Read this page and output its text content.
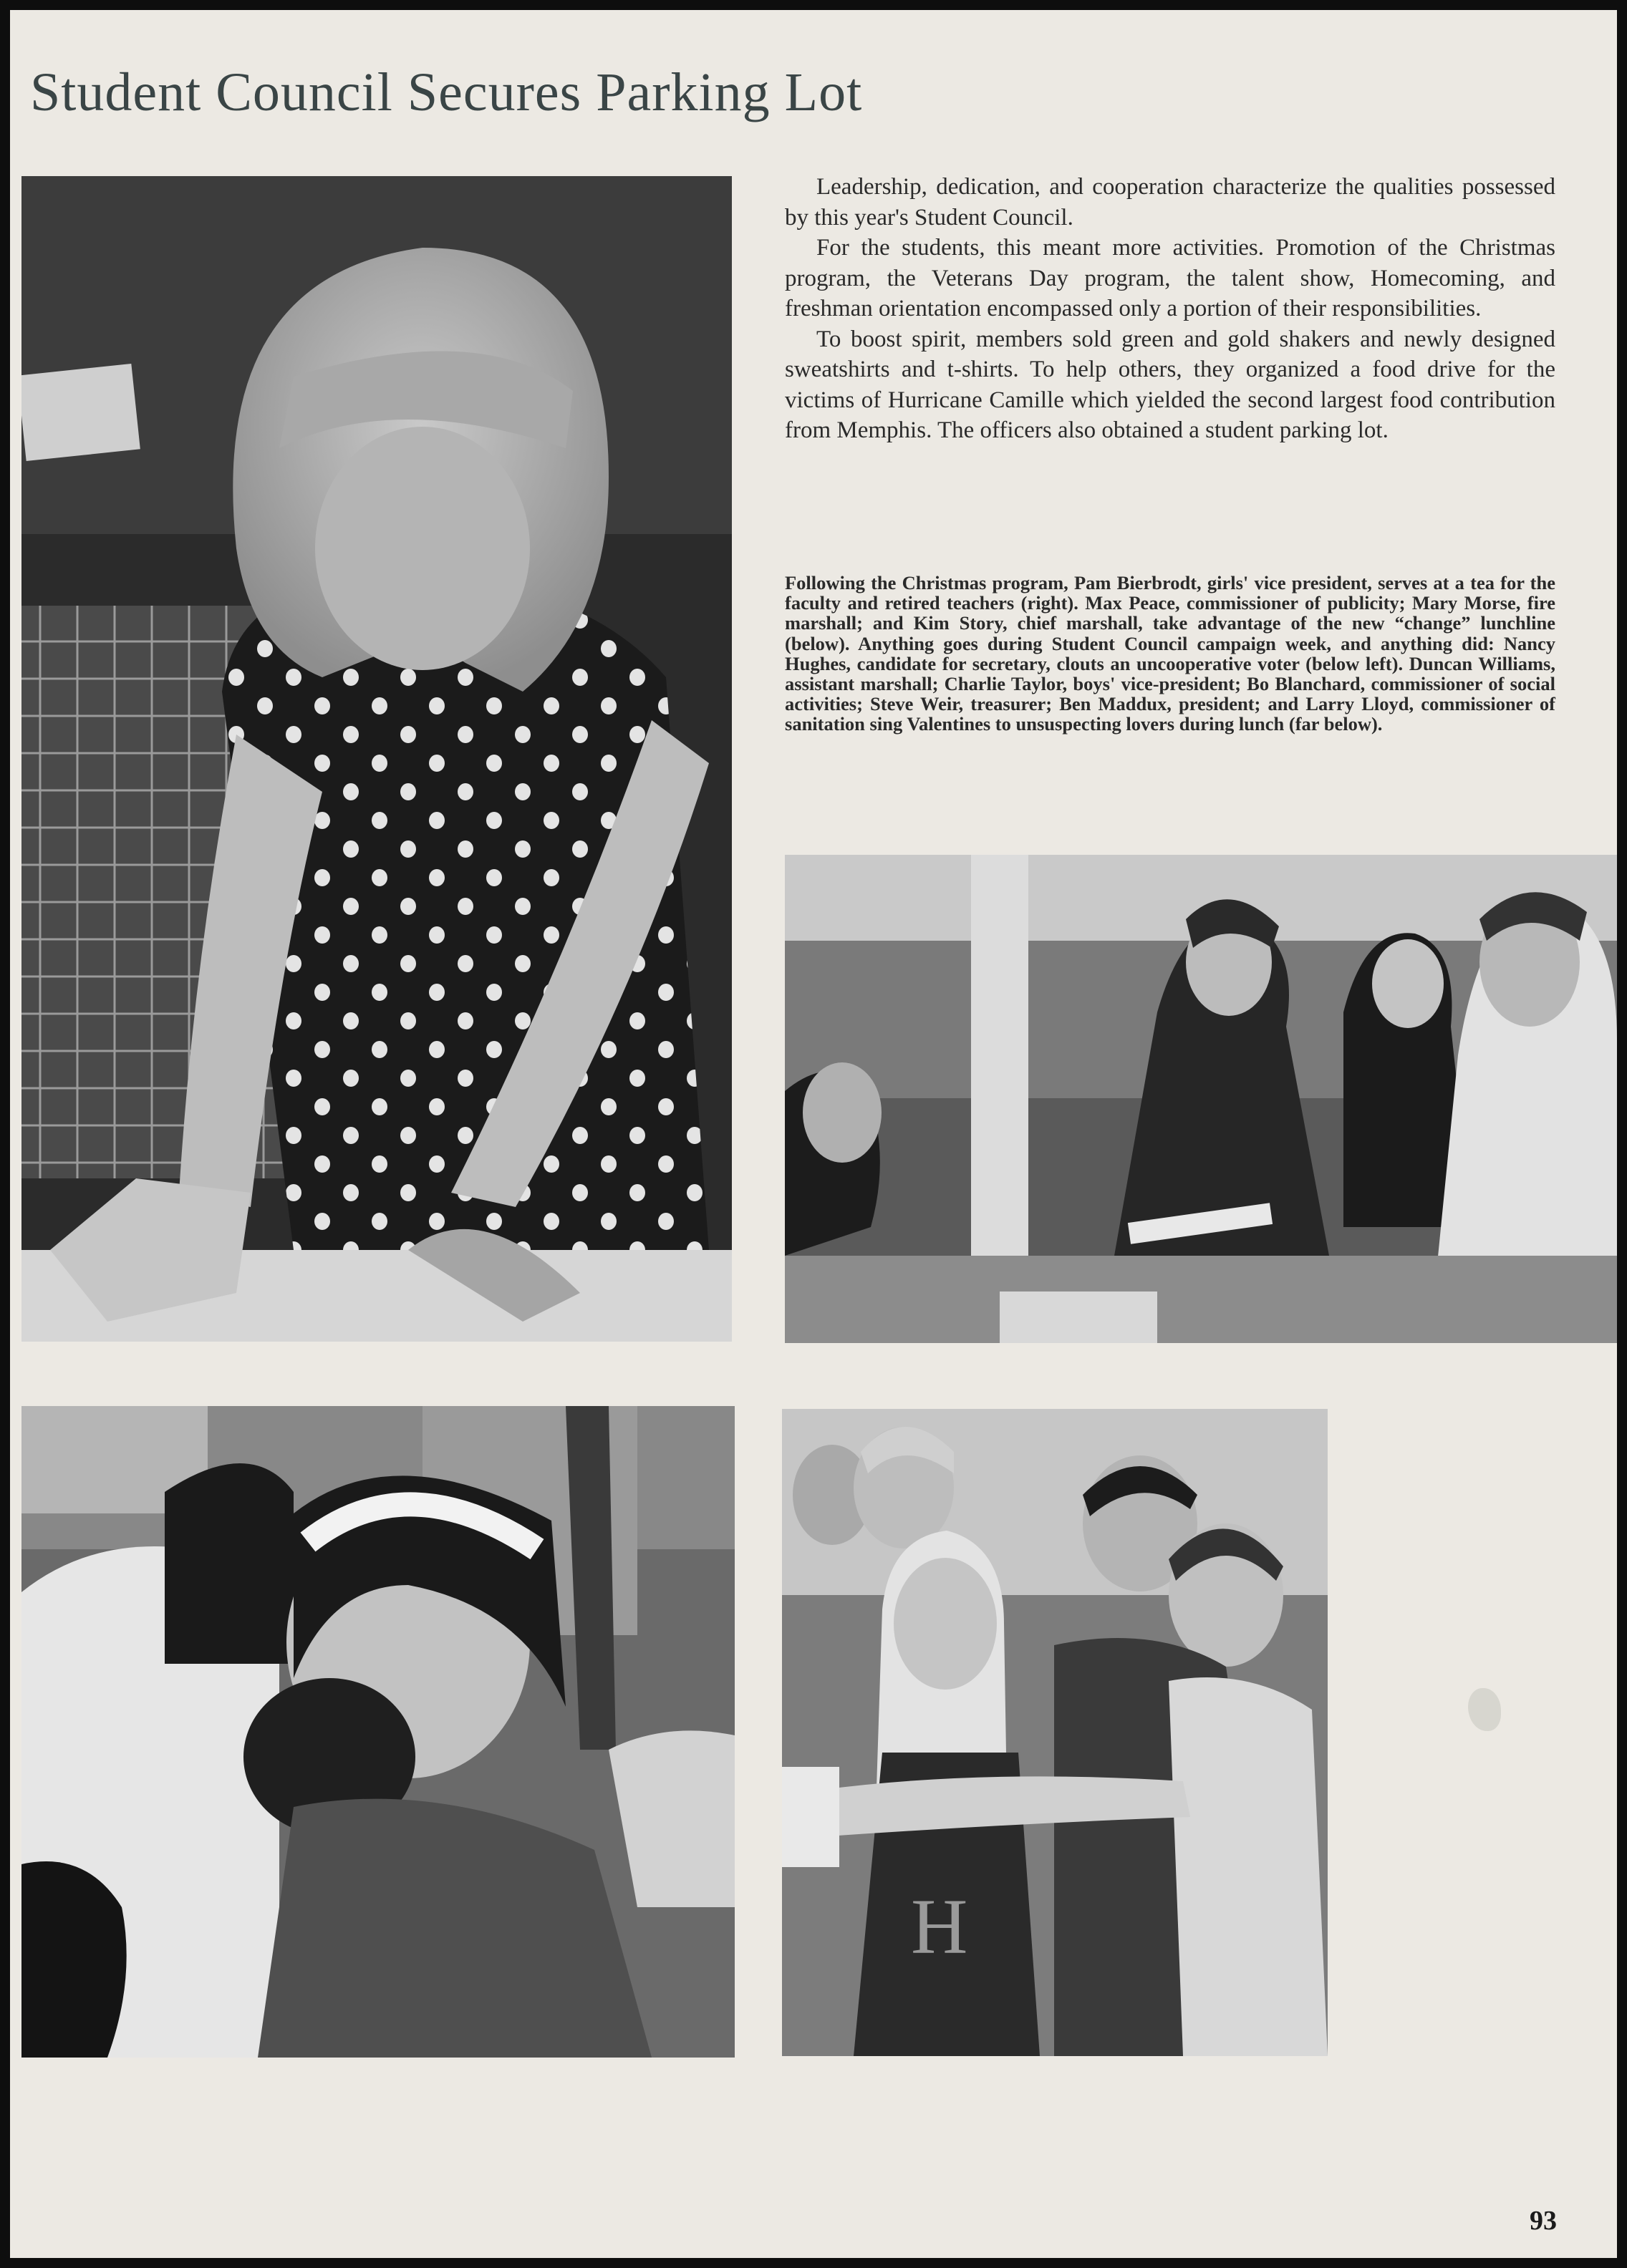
Student Council Secures Parking Lot

Leadership, dedication, and cooperation characterize the qualities possessed by this year's Student Council.

For the students, this meant more activities. Promotion of the Christmas program, the Veterans Day program, the talent show, Homecoming, and freshman orientation encompassed only a portion of their responsibilities.

To boost spirit, members sold green and gold shakers and newly designed sweatshirts and t-shirts. To help others, they organized a food drive for the victims of Hurricane Camille which yielded the second largest food contribution from Memphis. The officers also obtained a student parking lot.

Following the Christmas program, Pam Bierbrodt, girls' vice president, serves at a tea for the faculty and retired teachers (right). Max Peace, commissioner of publicity; Mary Morse, fire marshall; and Kim Story, chief marshall, take advantage of the new “change” lunchline (below). Anything goes during Student Council campaign week, and anything did: Nancy Hughes, candidate for secretary, clouts an uncooperative voter (below left). Duncan Williams, assistant marshall; Charlie Taylor, boys' vice-president; Bo Blanchard, commissioner of social activities; Steve Weir, treasurer; Ben Maddux, president; and Larry Lloyd, commissioner of sanitation sing Valentines to unsuspecting lovers during lunch (far below).

H
93
